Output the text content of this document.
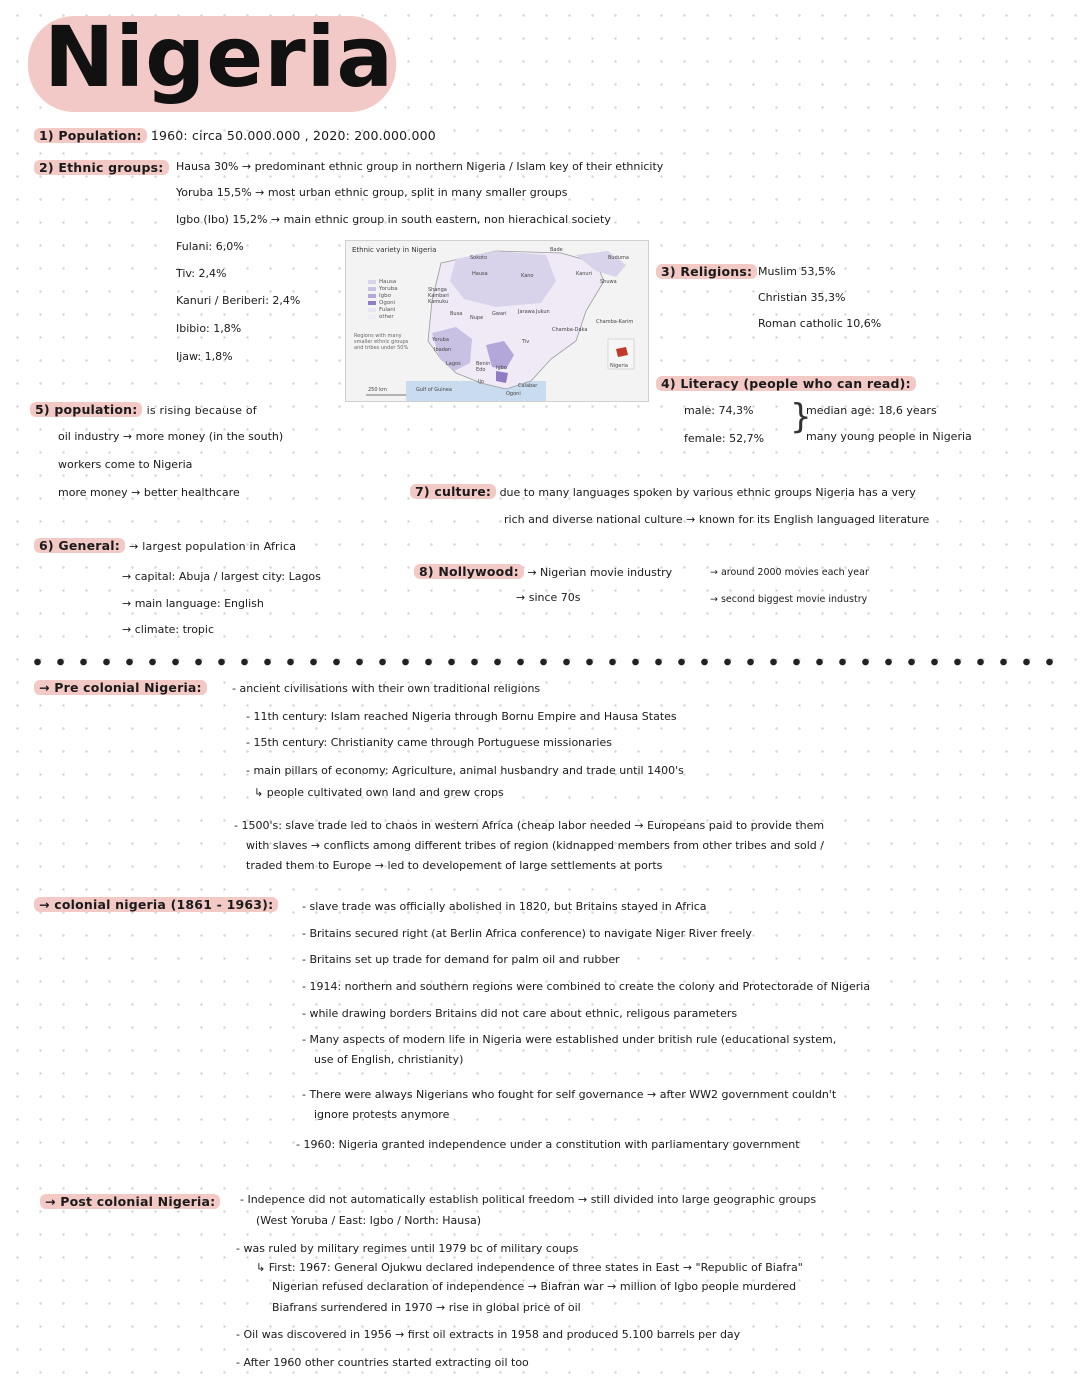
Nigeria
1) Population: 1960: circa 50.000.000 , 2020: 200.000.000
2) Ethnic groups:	Hausa 30% → predominant ethnic group in northern Nigeria / Islam key of their ethnicity
Yoruba 15,5% → most urban ethnic group, split in many smaller groups
Igbo (Ibo) 15,2% → main ethnic group in south eastern, non hierachical society
Fulani: 6,0%
Tiv: 2,4%
Kanuri / Beriberi: 2,4%
Ibibio: 1,8%
Ijaw: 1,8%
Ethnic variety in Nigeria
Hausa
Yoruba
Igbo
Ogoni
Fulani
other
Regions with many smaller ethnic groups and tribes under 50%
Sokoto
Hausa	Kano	Kanuri
Bade
Buduma
Shuwa
Shanga
Kambari
Kamuku
Busa
Nupe
Gwari Jarawa Jukun
Chamba-Karim
Chamba-Daka
Tiv
Yoruba
Ibadan
Lagos
Edo Igbo
Benin
Ijo
Calabar
Ogoni
Nigeria
250 km	Gulf of Guinea
3) Religions: Muslim 53,5%
Christian 35,3%
Roman catholic 10,6%
4) Literacy (people who can read):
male: 74,3%
female: 52,7%
}
median age: 18,6 years
many young people in Nigeria
5) population: is rising because of
oil industry → more money (in the south)
workers come to Nigeria
more money → better healthcare	7) culture: due to many languages spoken by various ethnic groups Nigeria has a very
rich and diverse national culture → known for its English languaged literature
6) General: → largest population in Africa
→ capital: Abuja / largest city: Lagos
→ main language: English
→ climate: tropic
8) Nollywood: → Nigerian movie industry
→ since 70s
→ around 2000 movies each year
→ second biggest movie industry
→ Pre colonial Nigeria:	- ancient civilisations with their own traditional religions
- 11th century: Islam reached Nigeria through Bornu Empire and Hausa States
- 15th century: Christianity came through Portuguese missionaries
- main pillars of economy: Agriculture, animal husbandry and trade until 1400's
↳ people cultivated own land and grew crops
- 1500's: slave trade led to chaos in western Africa (cheap labor needed → Europeans paid to provide them
with slaves → conflicts among different tribes of region (kidnapped members from other tribes and sold /
traded them to Europe → led to developement of large settlements at ports
→ colonial nigeria (1861 - 1963):	- slave trade was officially abolished in 1820, but Britains stayed in Africa
- Britains secured right (at Berlin Africa conference) to navigate Niger River freely
- Britains set up trade for demand for palm oil and rubber
- 1914: northern and southern regions were combined to create the colony and Protectorade of Nigeria
- while drawing borders Britains did not care about ethnic, religous parameters
- Many aspects of modern life in Nigeria were established under british rule (educational system,
use of English, christianity)
- There were always Nigerians who fought for self governance → after WW2 government couldn't
ignore protests anymore
- 1960: Nigeria granted independence under a constitution with parliamentary government
→ Post colonial Nigeria:	- Indepence did not automatically establish political freedom → still divided into large geographic groups
(West Yoruba / East: Igbo / North: Hausa)
- was ruled by military regimes until 1979 bc of military coups
↳ First: 1967: General Ojukwu declared independence of three states in East → "Republic of Biafra"
Nigerian refused declaration of independence → Biafran war → million of Igbo people murdered
Biafrans surrendered in 1970 → rise in global price of oil
- Oil was discovered in 1956 → first oil extracts in 1958 and produced 5.100 barrels per day
- After 1960 other countries started extracting oil too
